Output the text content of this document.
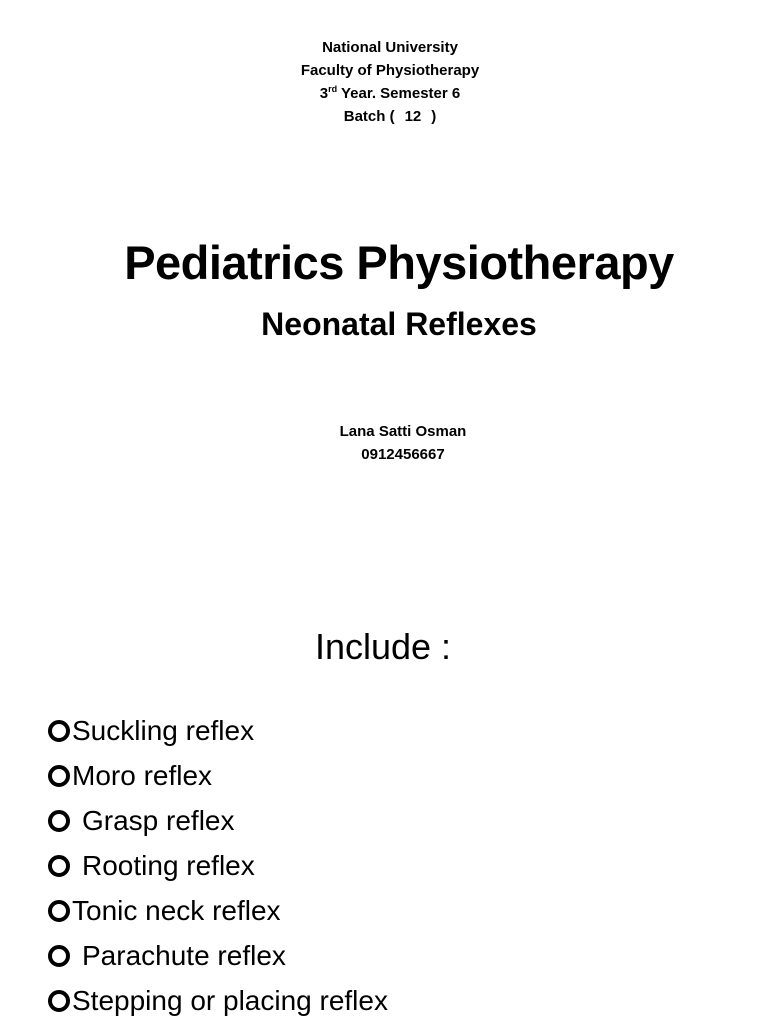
National University
Faculty of Physiotherapy
3rd Year. Semester 6
Batch ( 12 )
Pediatrics Physiotherapy
Neonatal Reflexes
Lana Satti Osman
0912456667
Include :
Suckling reflex
Moro reflex
Grasp reflex
Rooting reflex
Tonic neck reflex
Parachute reflex
Stepping or placing reflex
